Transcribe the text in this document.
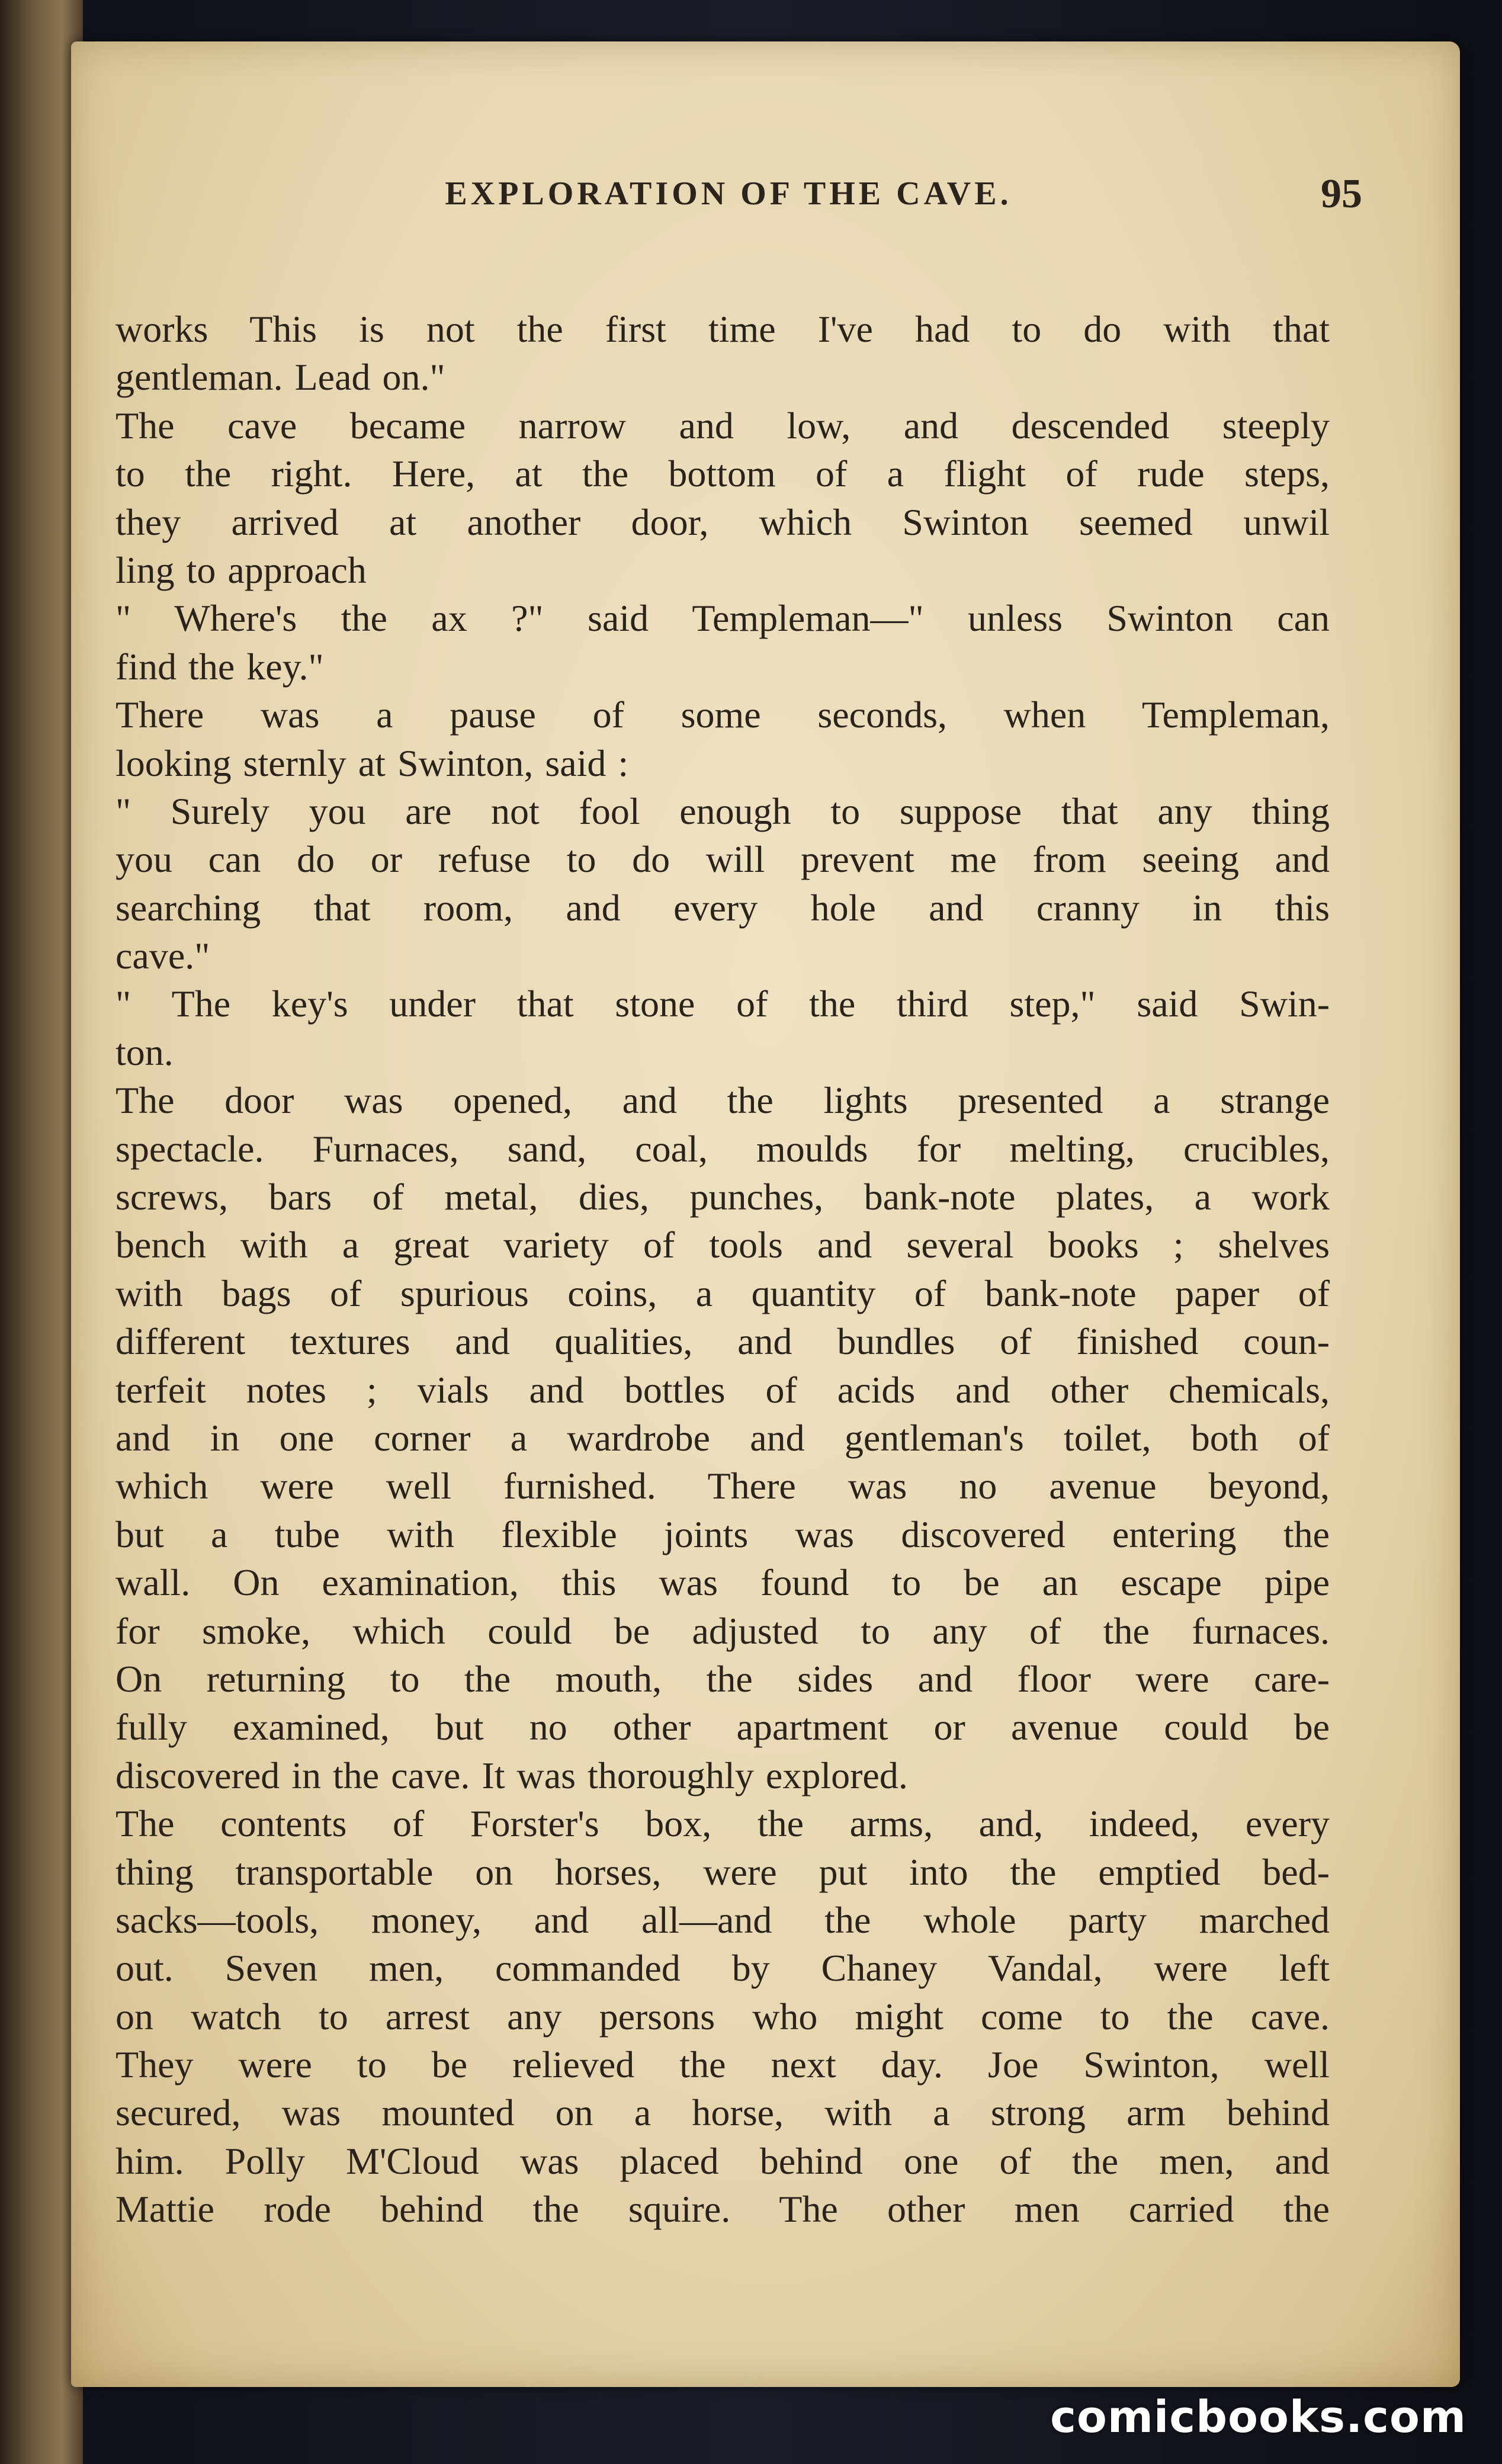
EXPLORATION OF THE CAVE.	95
works This is not the first time I've had to do with that
gentleman. Lead on."
The cave became narrow and low, and descended steeply
to the right. Here, at the bottom of a flight of rude steps,
they arrived at another door, which Swinton seemed unwil
ling to approach
" Where's the ax ?" said Templeman—" unless Swinton can
find the key."
There was a pause of some seconds, when Templeman,
looking sternly at Swinton, said :
" Surely you are not fool enough to suppose that any thing
you can do or refuse to do will prevent me from seeing and
searching that room, and every hole and cranny in this
cave."
" The key's under that stone of the third step," said Swin-
ton.
The door was opened, and the lights presented a strange
spectacle. Furnaces, sand, coal, moulds for melting, crucibles,
screws, bars of metal, dies, punches, bank-note plates, a work
bench with a great variety of tools and several books ; shelves
with bags of spurious coins, a quantity of bank-note paper of
different textures and qualities, and bundles of finished coun-
terfeit notes ; vials and bottles of acids and other chemicals,
and in one corner a wardrobe and gentleman's toilet, both of
which were well furnished. There was no avenue beyond,
but a tube with flexible joints was discovered entering the
wall. On examination, this was found to be an escape pipe
for smoke, which could be adjusted to any of the furnaces.
On returning to the mouth, the sides and floor were care-
fully examined, but no other apartment or avenue could be
discovered in the cave. It was thoroughly explored.
The contents of Forster's box, the arms, and, indeed, every
thing transportable on horses, were put into the emptied bed-
sacks—tools, money, and all—and the whole party marched
out. Seven men, commanded by Chaney Vandal, were left
on watch to arrest any persons who might come to the cave.
They were to be relieved the next day. Joe Swinton, well
secured, was mounted on a horse, with a strong arm behind
him. Polly M'Cloud was placed behind one of the men, and
Mattie rode behind the squire. The other men carried the
comicbooks.com
